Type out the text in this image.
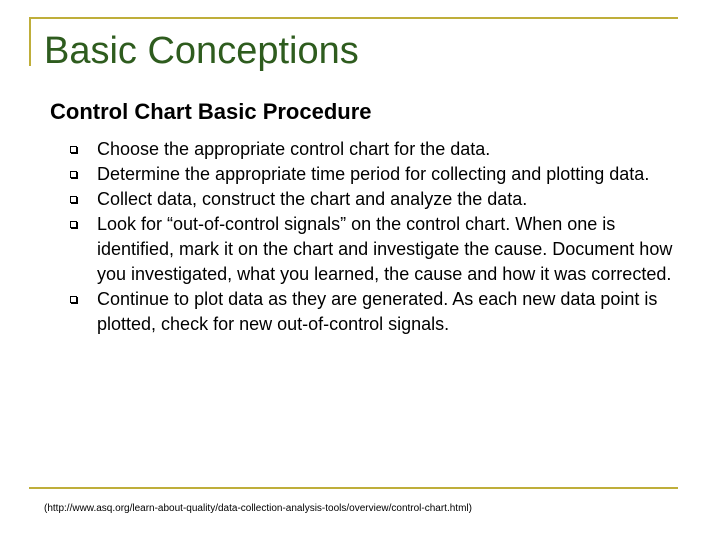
Basic Conceptions
Control Chart Basic Procedure
Choose the appropriate control chart for the data.
Determine the appropriate time period for collecting and plotting data.
Collect data, construct the chart and analyze the data.
Look for “out-of-control signals” on the control chart. When one is identified, mark it on the chart and investigate the cause. Document how you investigated, what you learned, the cause and how it was corrected.
Continue to plot data as they are generated. As each new data point is plotted, check for new out-of-control signals.

(http://www.asq.org/learn-about-quality/data-collection-analysis-tools/overview/control-chart.html)
